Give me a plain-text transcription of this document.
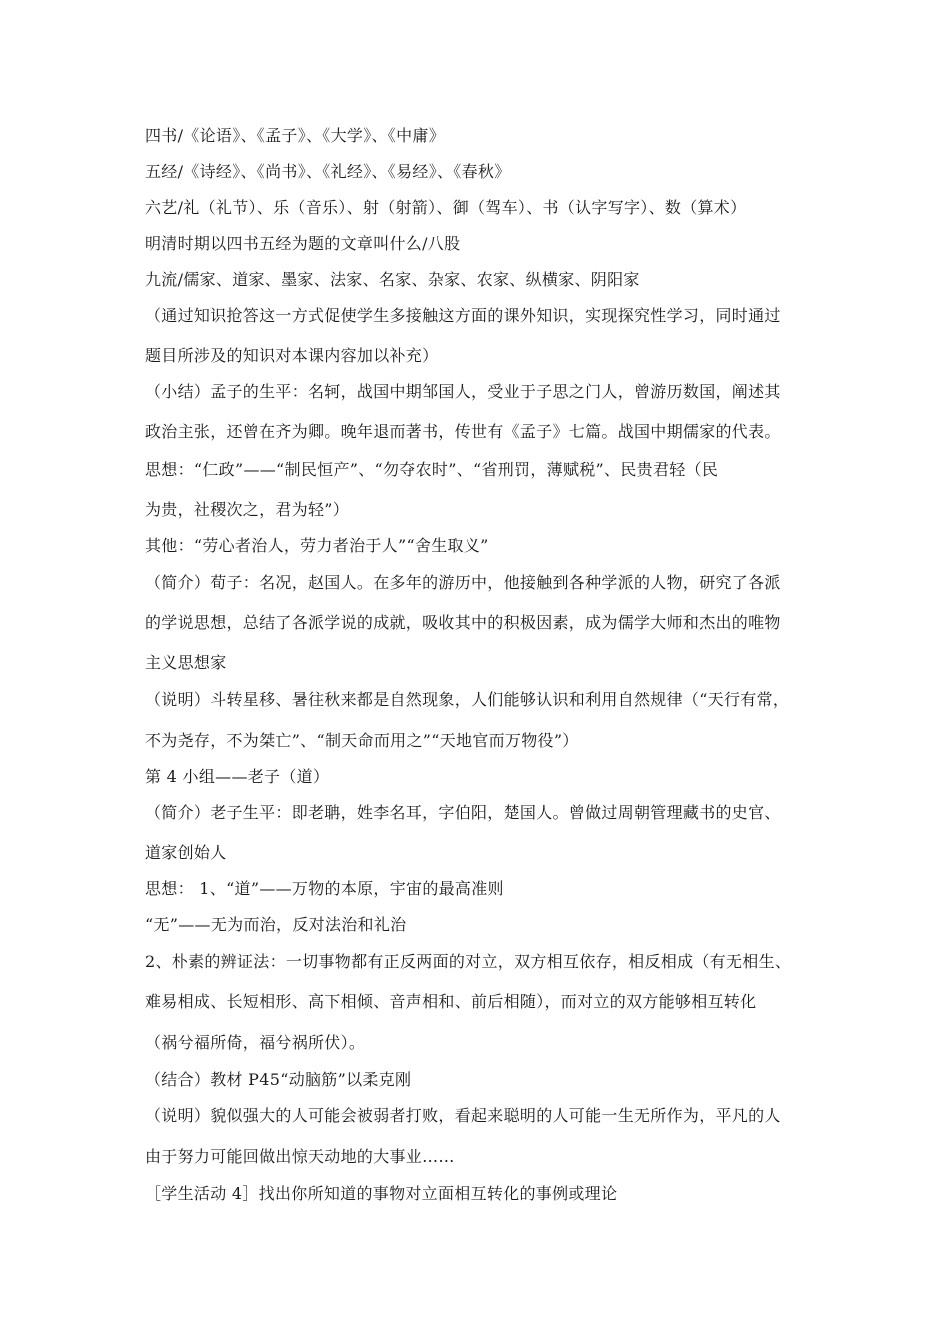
四书/《论语》、《孟子》、《大学》、《中庸》
五经/《诗经》、《尚书》、《礼经》、《易经》、《春秋》
六艺/礼（礼节）、乐（音乐）、射（射箭）、御（驾车）、书（认字写字）、数（算术）
明清时期以四书五经为题的文章叫什么/八股
九流/儒家、道家、墨家、法家、名家、杂家、农家、纵横家、阴阳家
（通过知识抢答这一方式促使学生多接触这方面的课外知识，实现探究性学习，同时通过
题目所涉及的知识对本课内容加以补充）
（小结）孟子的生平：名轲，战国中期邹国人，受业于子思之门人，曾游历数国，阐述其
政治主张，还曾在齐为卿。晚年退而著书，传世有《孟子》七篇。战国中期儒家的代表。
思想：“仁政”——“制民恒产”、“勿夺农时”、“省刑罚，薄赋税”、民贵君轻（民
为贵，社稷次之，君为轻”）
其他：“劳心者治人，劳力者治于人”“舍生取义”
（简介）荀子：名况，赵国人。在多年的游历中，他接触到各种学派的人物，研究了各派
的学说思想，总结了各派学说的成就，吸收其中的积极因素，成为儒学大师和杰出的唯物
主义思想家
（说明）斗转星移、暑往秋来都是自然现象，人们能够认识和利用自然规律（“天行有常，
不为尧存，不为桀亡”、“制天命而用之”“天地官而万物役”）
第 4 小组——老子（道）
（简介）老子生平：即老聃，姓李名耳，字伯阳，楚国人。曾做过周朝管理藏书的史官、
道家创始人
思想： 1、“道”——万物的本原，宇宙的最高准则
“无”——无为而治，反对法治和礼治
2、朴素的辨证法：一切事物都有正反两面的对立，双方相互依存，相反相成（有无相生、
难易相成、长短相形、高下相倾、音声相和、前后相随），而对立的双方能够相互转化
（祸兮福所倚，福兮祸所伏）。
（结合）教材 P45“动脑筋”以柔克刚
（说明）貌似强大的人可能会被弱者打败，看起来聪明的人可能一生无所作为，平凡的人
由于努力可能回做出惊天动地的大事业……
［学生活动 4］找出你所知道的事物对立面相互转化的事例或理论
